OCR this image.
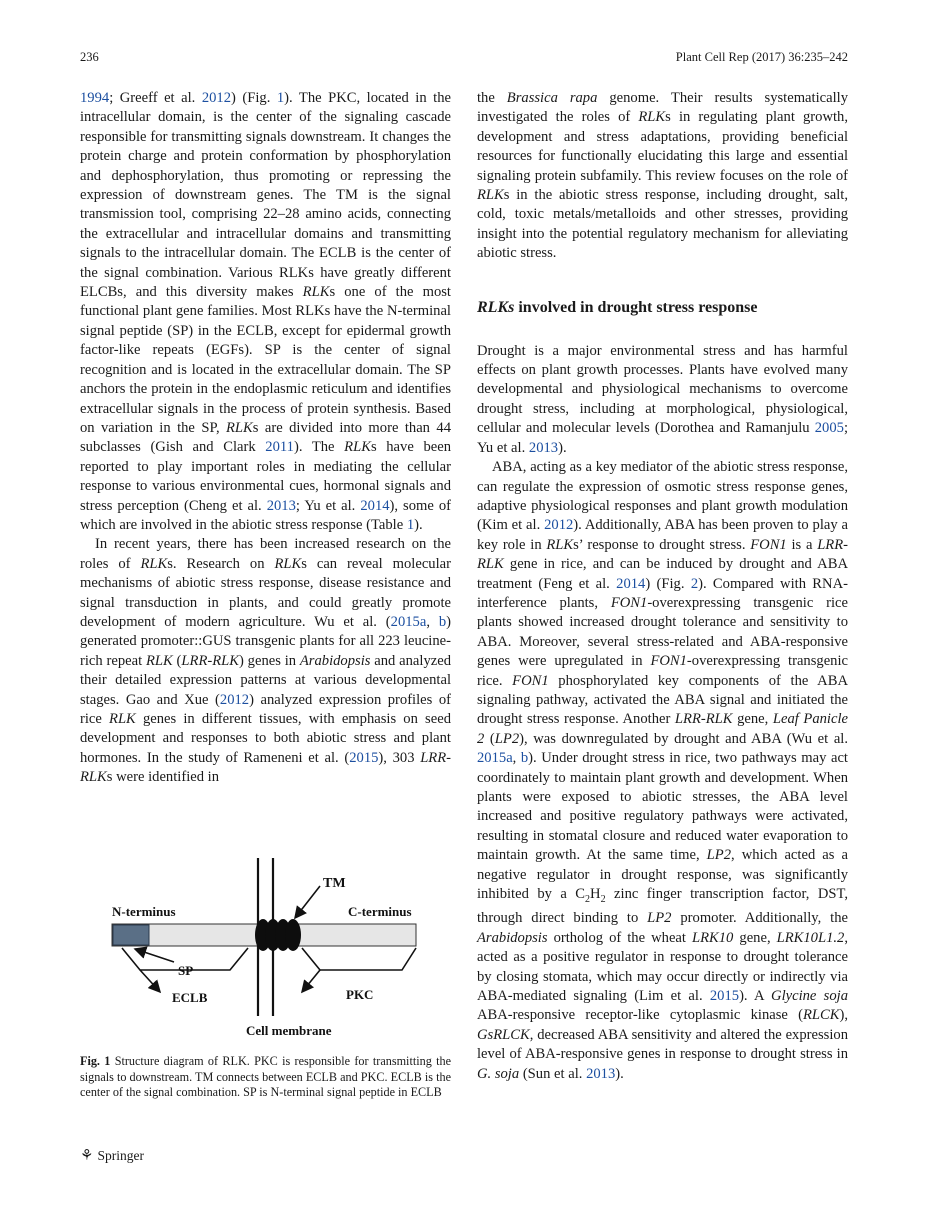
236	Plant Cell Rep (2017) 36:235–242

1994; Greeff et al. 2012) (Fig. 1). The PKC, located in the intracellular domain, is the center of the signaling cascade responsible for transmitting signals downstream. It changes the protein charge and protein conformation by phosphorylation and dephosphorylation, thus promoting or repressing the expression of downstream genes. The TM is the signal transmission tool, comprising 22–28 amino acids, connecting the extracellular and intracellular domains and transmitting signals to the intracellular domain. The ECLB is the center of the signal combination. Various RLKs have greatly different ELCBs, and this diversity makes RLKs one of the most functional plant gene families. Most RLKs have the N-terminal signal peptide (SP) in the ECLB, except for epidermal growth factor-like repeats (EGFs). SP is the center of signal recognition and is located in the extracellular domain. The SP anchors the protein in the endoplasmic reticulum and identifies extracellular signals in the process of protein synthesis. Based on variation in the SP, RLKs are divided into more than 44 subclasses (Gish and Clark 2011). The RLKs have been reported to play important roles in mediating the cellular response to various environmental cues, hormonal signals and stress perception (Cheng et al. 2013; Yu et al. 2014), some of which are involved in the abiotic stress response (Table 1).

In recent years, there has been increased research on the roles of RLKs. Research on RLKs can reveal molecular mechanisms of abiotic stress response, disease resistance and signal transduction in plants, and could greatly promote development of modern agriculture. Wu et al. (2015a, b) generated promoter::GUS transgenic plants for all 223 leucine-rich repeat RLK (LRR-RLK) genes in Arabidopsis and analyzed their detailed expression patterns at various developmental stages. Gao and Xue (2012) analyzed expression profiles of rice RLK genes in different tissues, with emphasis on seed development and responses to both abiotic stress and plant hormones. In the study of Rameneni et al. (2015), 303 LRR-RLKs were identified in

TM
N-terminus	C-terminus
SP
ECLB	PKC
Cell membrane
Fig. 1 Structure diagram of RLK. PKC is responsible for transmitting the signals to downstream. TM connects between ECLB and PKC. ECLB is the center of the signal combination. SP is N-terminal signal peptide in ECLB

the Brassica rapa genome. Their results systematically investigated the roles of RLKs in regulating plant growth, development and stress adaptations, providing beneficial resources for functionally elucidating this large and essential signaling protein subfamily. This review focuses on the role of RLKs in the abiotic stress response, including drought, salt, cold, toxic metals/metalloids and other stresses, providing insight into the potential regulatory mechanism for alleviating abiotic stress.

RLKs involved in drought stress response

Drought is a major environmental stress and has harmful effects on plant growth processes. Plants have evolved many developmental and physiological mechanisms to overcome drought stress, including at morphological, physiological, cellular and molecular levels (Dorothea and Ramanjulu 2005; Yu et al. 2013).

ABA, acting as a key mediator of the abiotic stress response, can regulate the expression of osmotic stress response genes, adaptive physiological responses and plant growth modulation (Kim et al. 2012). Additionally, ABA has been proven to play a key role in RLKs’ response to drought stress. FON1 is a LRR-RLK gene in rice, and can be induced by drought and ABA treatment (Feng et al. 2014) (Fig. 2). Compared with RNA-interference plants, FON1-overexpressing transgenic rice plants showed increased drought tolerance and sensitivity to ABA. Moreover, several stress-related and ABA-responsive genes were upregulated in FON1-overexpressing transgenic rice. FON1 phosphorylated key components of the ABA signaling pathway, activated the ABA signal and initiated the drought stress response. Another LRR-RLK gene, Leaf Panicle 2 (LP2), was downregulated by drought and ABA (Wu et al. 2015a, b). Under drought stress in rice, two pathways may act coordinately to maintain plant growth and development. When plants were exposed to abiotic stresses, the ABA level increased and positive regulatory pathways were activated, resulting in stomatal closure and reduced water evaporation to maintain growth. At the same time, LP2, which acted as a negative regulator in drought response, was significantly inhibited by a $C_2H_2$ zinc finger transcription factor, DST, through direct binding to LP2 promoter. Additionally, the Arabidopsis ortholog of the wheat LRK10 gene, LRK10L1.2, acted as a positive regulator in response to drought tolerance by closing stomata, which may occur directly or indirectly via ABA-mediated signaling (Lim et al. 2015). A Glycine soja ABA-responsive receptor-like cytoplasmic kinase (RLCK), GsRLCK, decreased ABA sensitivity and altered the expression level of ABA-responsive genes in response to drought stress in G. soja (Sun et al. 2013).

⚘ Springer
